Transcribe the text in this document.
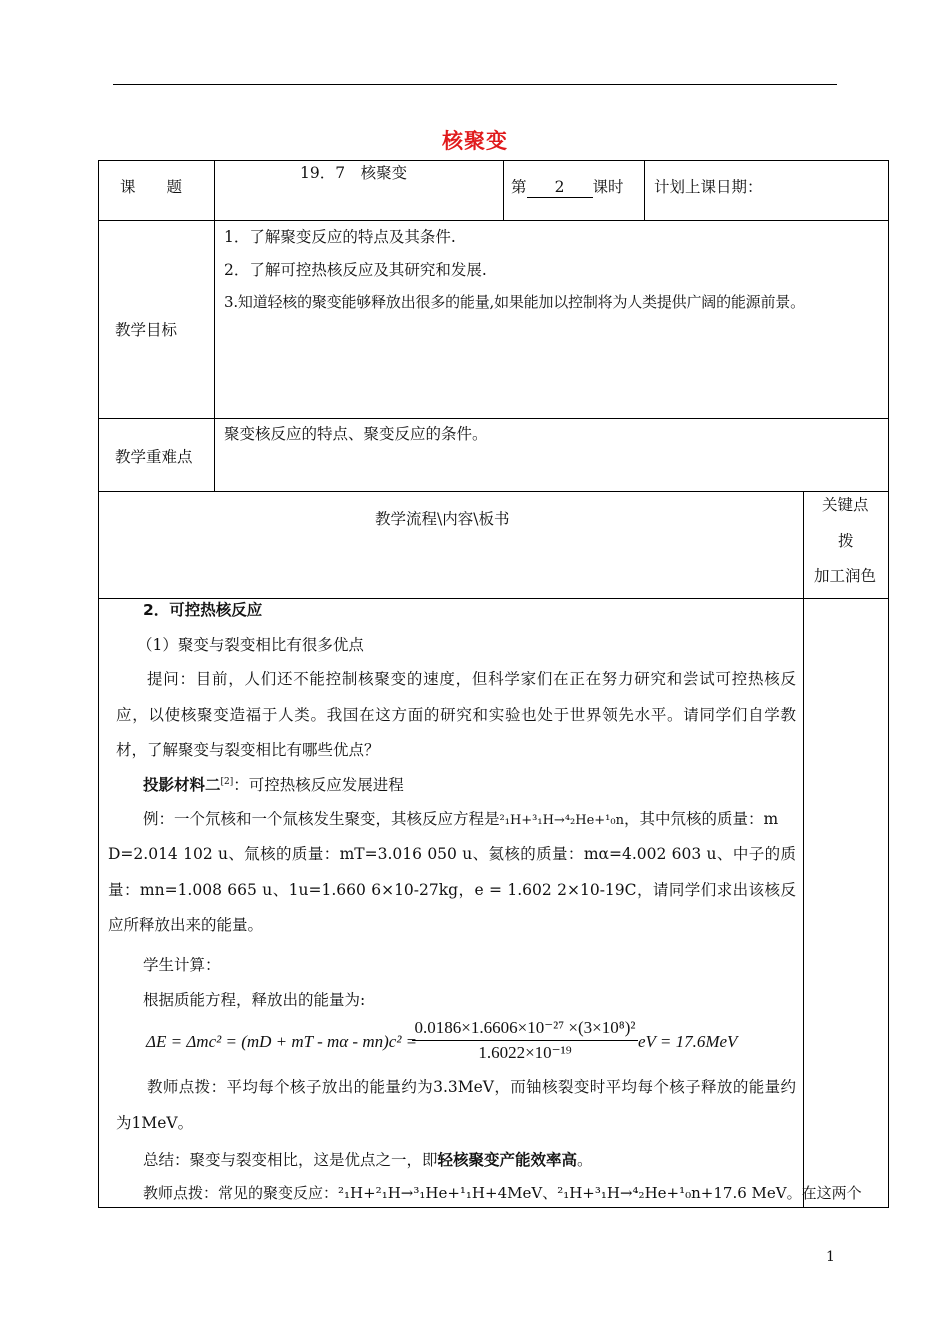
核聚变
课　　题
19．7　核聚变
第 2 课时 计划上课日期：
教学目标
1．了解聚变反应的特点及其条件.
2．了解可控热核反应及其研究和发展.
3.知道轻核的聚变能够释放出很多的能量,如果能加以控制将为人类提供广阔的能源前景。
教学重难点
聚变核反应的特点、聚变反应的条件。
教学流程\内容\板书
关键点
拨
加工润色
2．可控热核反应
（1）聚变与裂变相比有很多优点

提问：目前，人们还不能控制核聚变的速度，但科学家们在正在努力研究和尝试可控热核反应，以使核聚变造福于人类。我国在这方面的研究和实验也处于世界领先水平。请同学们自学教材，了解聚变与裂变相比有哪些优点？

投影材料二[2]：可控热核反应发展进程
例：一个氘核和一个氚核发生聚变，其核反应方程是²₁H+³₁H→⁴₂He+¹₀n，其中氘核的质量：m

D=2.014 102 u、氚核的质量：mT=3.016 050 u、氦核的质量：mα=4.002 603 u、中子的质量：mn=1.008 665 u、1u=1.660 6×10-27kg，e = 1.602 2×10-19C，请同学们求出该核反应所释放出来的能量。

学生计算：
根据质能方程，释放出的能量为:
ΔE = Δmc² = (mD + mT - mα - mn)c² =
$\frac{\text{0.0186×1.6606×10⁻²⁷ ×(3×10⁸)²}}{\text{1.6022×10⁻¹⁹}}$ eV = 17.6MeV

教师点拨：平均每个核子放出的能量约为3.3MeV，而铀核裂变时平均每个核子释放的能量约为1MeV。

总结：聚变与裂变相比，这是优点之一，即轻核聚变产能效率高。
教师点拨：常见的聚变反应：²₁H+²₁H→³₁He+¹₁H+4MeV、²₁H+³₁H→⁴₂He+¹₀n+17.6 MeV。在这两个
1
